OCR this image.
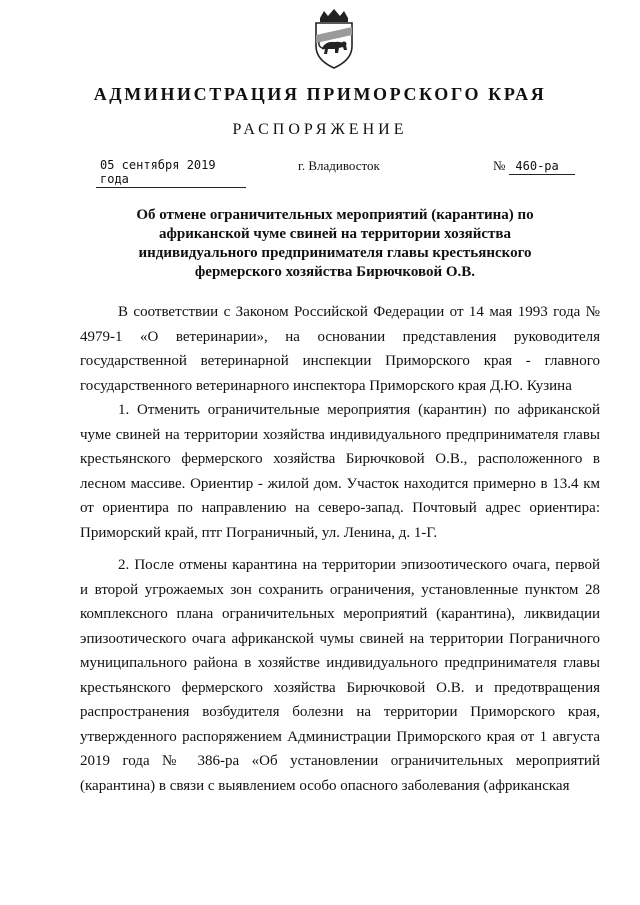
АДМИНИСТРАЦИЯ ПРИМОРСКОГО КРАЯ
РАСПОРЯЖЕНИЕ
05 сентября 2019 года
г. Владивосток	№ 460-ра
Об отмене ограничительных мероприятий (карантина) по африканской чуме свиней на территории хозяйства индивидуального предпринимателя главы крестьянского фермерского хозяйства Бирючковой О.В.

В соответствии с Законом Российской Федерации от 14 мая 1993 года № 4979-1 «О ветеринарии», на основании представления руководителя государственной ветеринарной инспекции Приморского края - главного государственного ветеринарного инспектора Приморского края Д.Ю. Кузина

1. Отменить ограничительные мероприятия (карантин) по африканской чуме свиней на территории хозяйства индивидуального предпринимателя главы крестьянского фермерского хозяйства Бирючковой О.В., расположенного в лесном массиве. Ориентир - жилой дом. Участок находится примерно в 13.4 км от ориентира по направлению на северо-запад. Почтовый адрес ориентира: Приморский край, птг Пограничный, ул. Ленина, д. 1-Г.

2. После отмены карантина на территории эпизоотического очага, первой и второй угрожаемых зон сохранить ограничения, установленные пунктом 28 комплексного плана ограничительных мероприятий (карантина), ликвидации эпизоотического очага африканской чумы свиней на территории Пограничного муниципального района в хозяйстве индивидуального предпринимателя главы крестьянского фермерского хозяйства Бирючковой О.В. и предотвращения распространения возбудителя болезни на территории Приморского края, утвержденного распоряжением Администрации Приморского края от 1 августа 2019 года № 386-ра «Об установлении ограничительных мероприятий (карантина) в связи с выявлением особо опасного заболевания (африканская
